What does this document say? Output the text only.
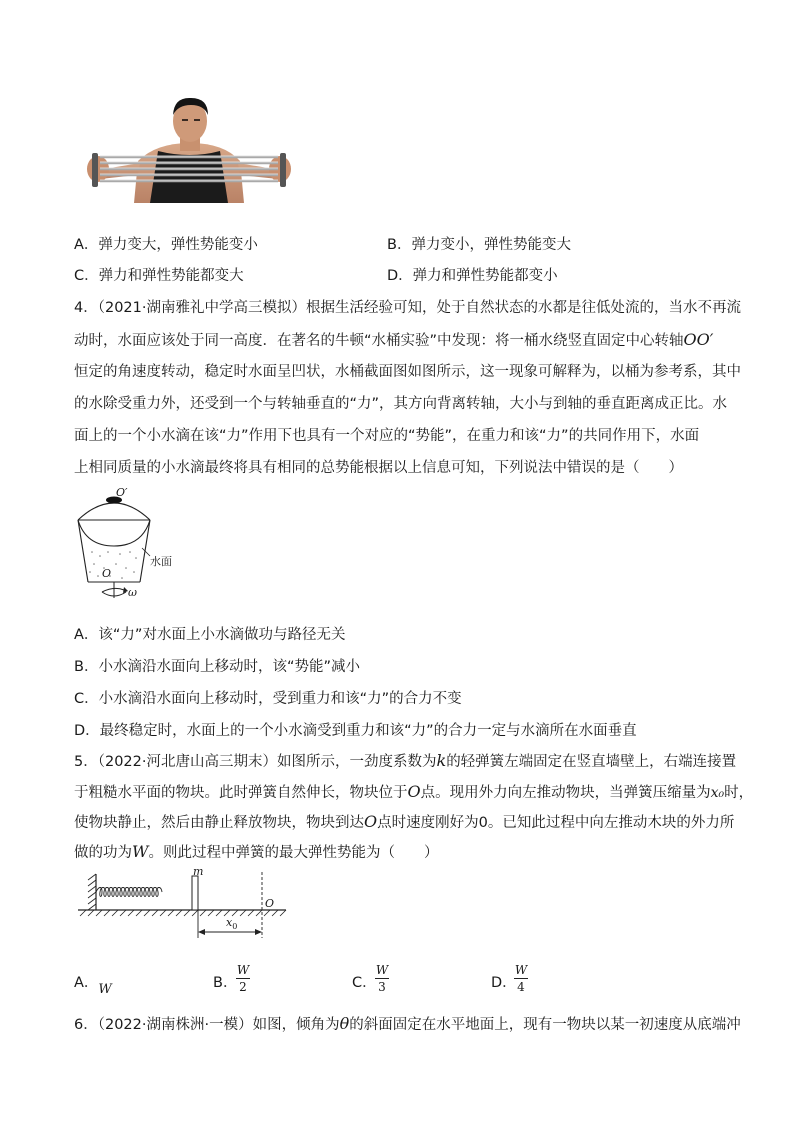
A．弹力变大，弹性势能变小	B．弹力变小，弹性势能变大
C．弹力和弹性势能都变大	D．弹力和弹性势能都变小
4．（2021·湖南雅礼中学高三模拟）根据生活经验可知，处于自然状态的水都是往低处流的，当水不再流
动时，水面应该处于同一高度．在著名的牛顿“水桶实验”中发现：将一桶水绕竖直固定中心转轴OO′
恒定的角速度转动，稳定时水面呈凹状，水桶截面图如图所示，这一现象可解释为，以桶为参考系，其中
的水除受重力外，还受到一个与转轴垂直的“力”，其方向背离转轴，大小与到轴的垂直距离成正比。水
面上的一个小水滴在该“力”作用下也具有一个对应的“势能”，在重力和该“力”的共同作用下，水面
上相同质量的小水滴最终将具有相同的总势能根据以上信息可知，下列说法中错误的是（　　）
O′
O
水面
ω
A．该“力”对水面上小水滴做功与路径无关
B．小水滴沿水面向上移动时，该“势能”减小
C．小水滴沿水面向上移动时，受到重力和该“力”的合力不变
D．最终稳定时，水面上的一个小水滴受到重力和该“力”的合力一定与水滴所在水面垂直
5．（2022·河北唐山高三期末）如图所示，一劲度系数为k的轻弹簧左端固定在竖直墙壁上，右端连接置
于粗糙水平面的物块。此时弹簧自然伸长，物块位于O点。现用外力向左推动物块，当弹簧压缩量为x₀时，
使物块静止，然后由静止释放物块，物块到达O点时速度刚好为0。已知此过程中向左推动木块的外力所
做的功为W。则此过程中弹簧的最大弹性势能为（　　）
m
O
$x_0$
A．W	B．
W
2	C．
W
3	D．
W
4
6．（2022·湖南株洲·一模）如图，倾角为θ的斜面固定在水平地面上，现有一物块以某一初速度从底端冲
